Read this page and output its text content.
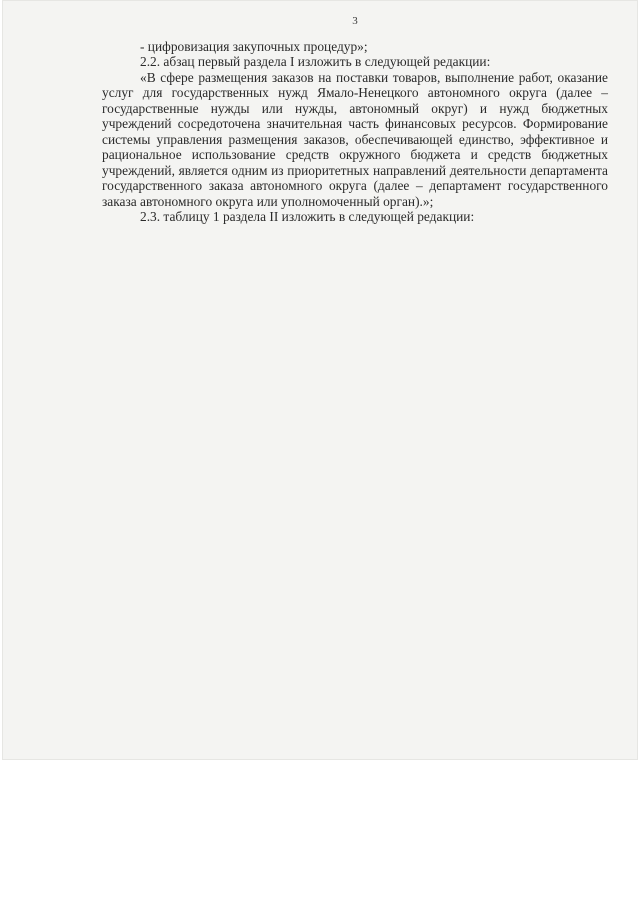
3

- цифровизация закупочных процедур»;

2.2. абзац первый раздела I изложить в следующей редакции:

«В сфере размещения заказов на поставки товаров, выполнение работ, оказание услуг для государственных нужд Ямало-Ненецкого автономного округа (далее – государственные нужды или нужды, автономный округ) и нужд бюджетных учреждений сосредоточена значительная часть финансовых ресурсов. Формирование системы управления размещения заказов, обеспечивающей единство, эффективное и рациональное использование средств окружного бюджета и средств бюджетных учреждений, является одним из приоритетных направлений деятельности департамента государственного заказа автономного округа (далее – департамент государственного заказа автономного округа или уполномоченный орган).»;

2.3. таблицу 1 раздела II изложить в следующей редакции:
